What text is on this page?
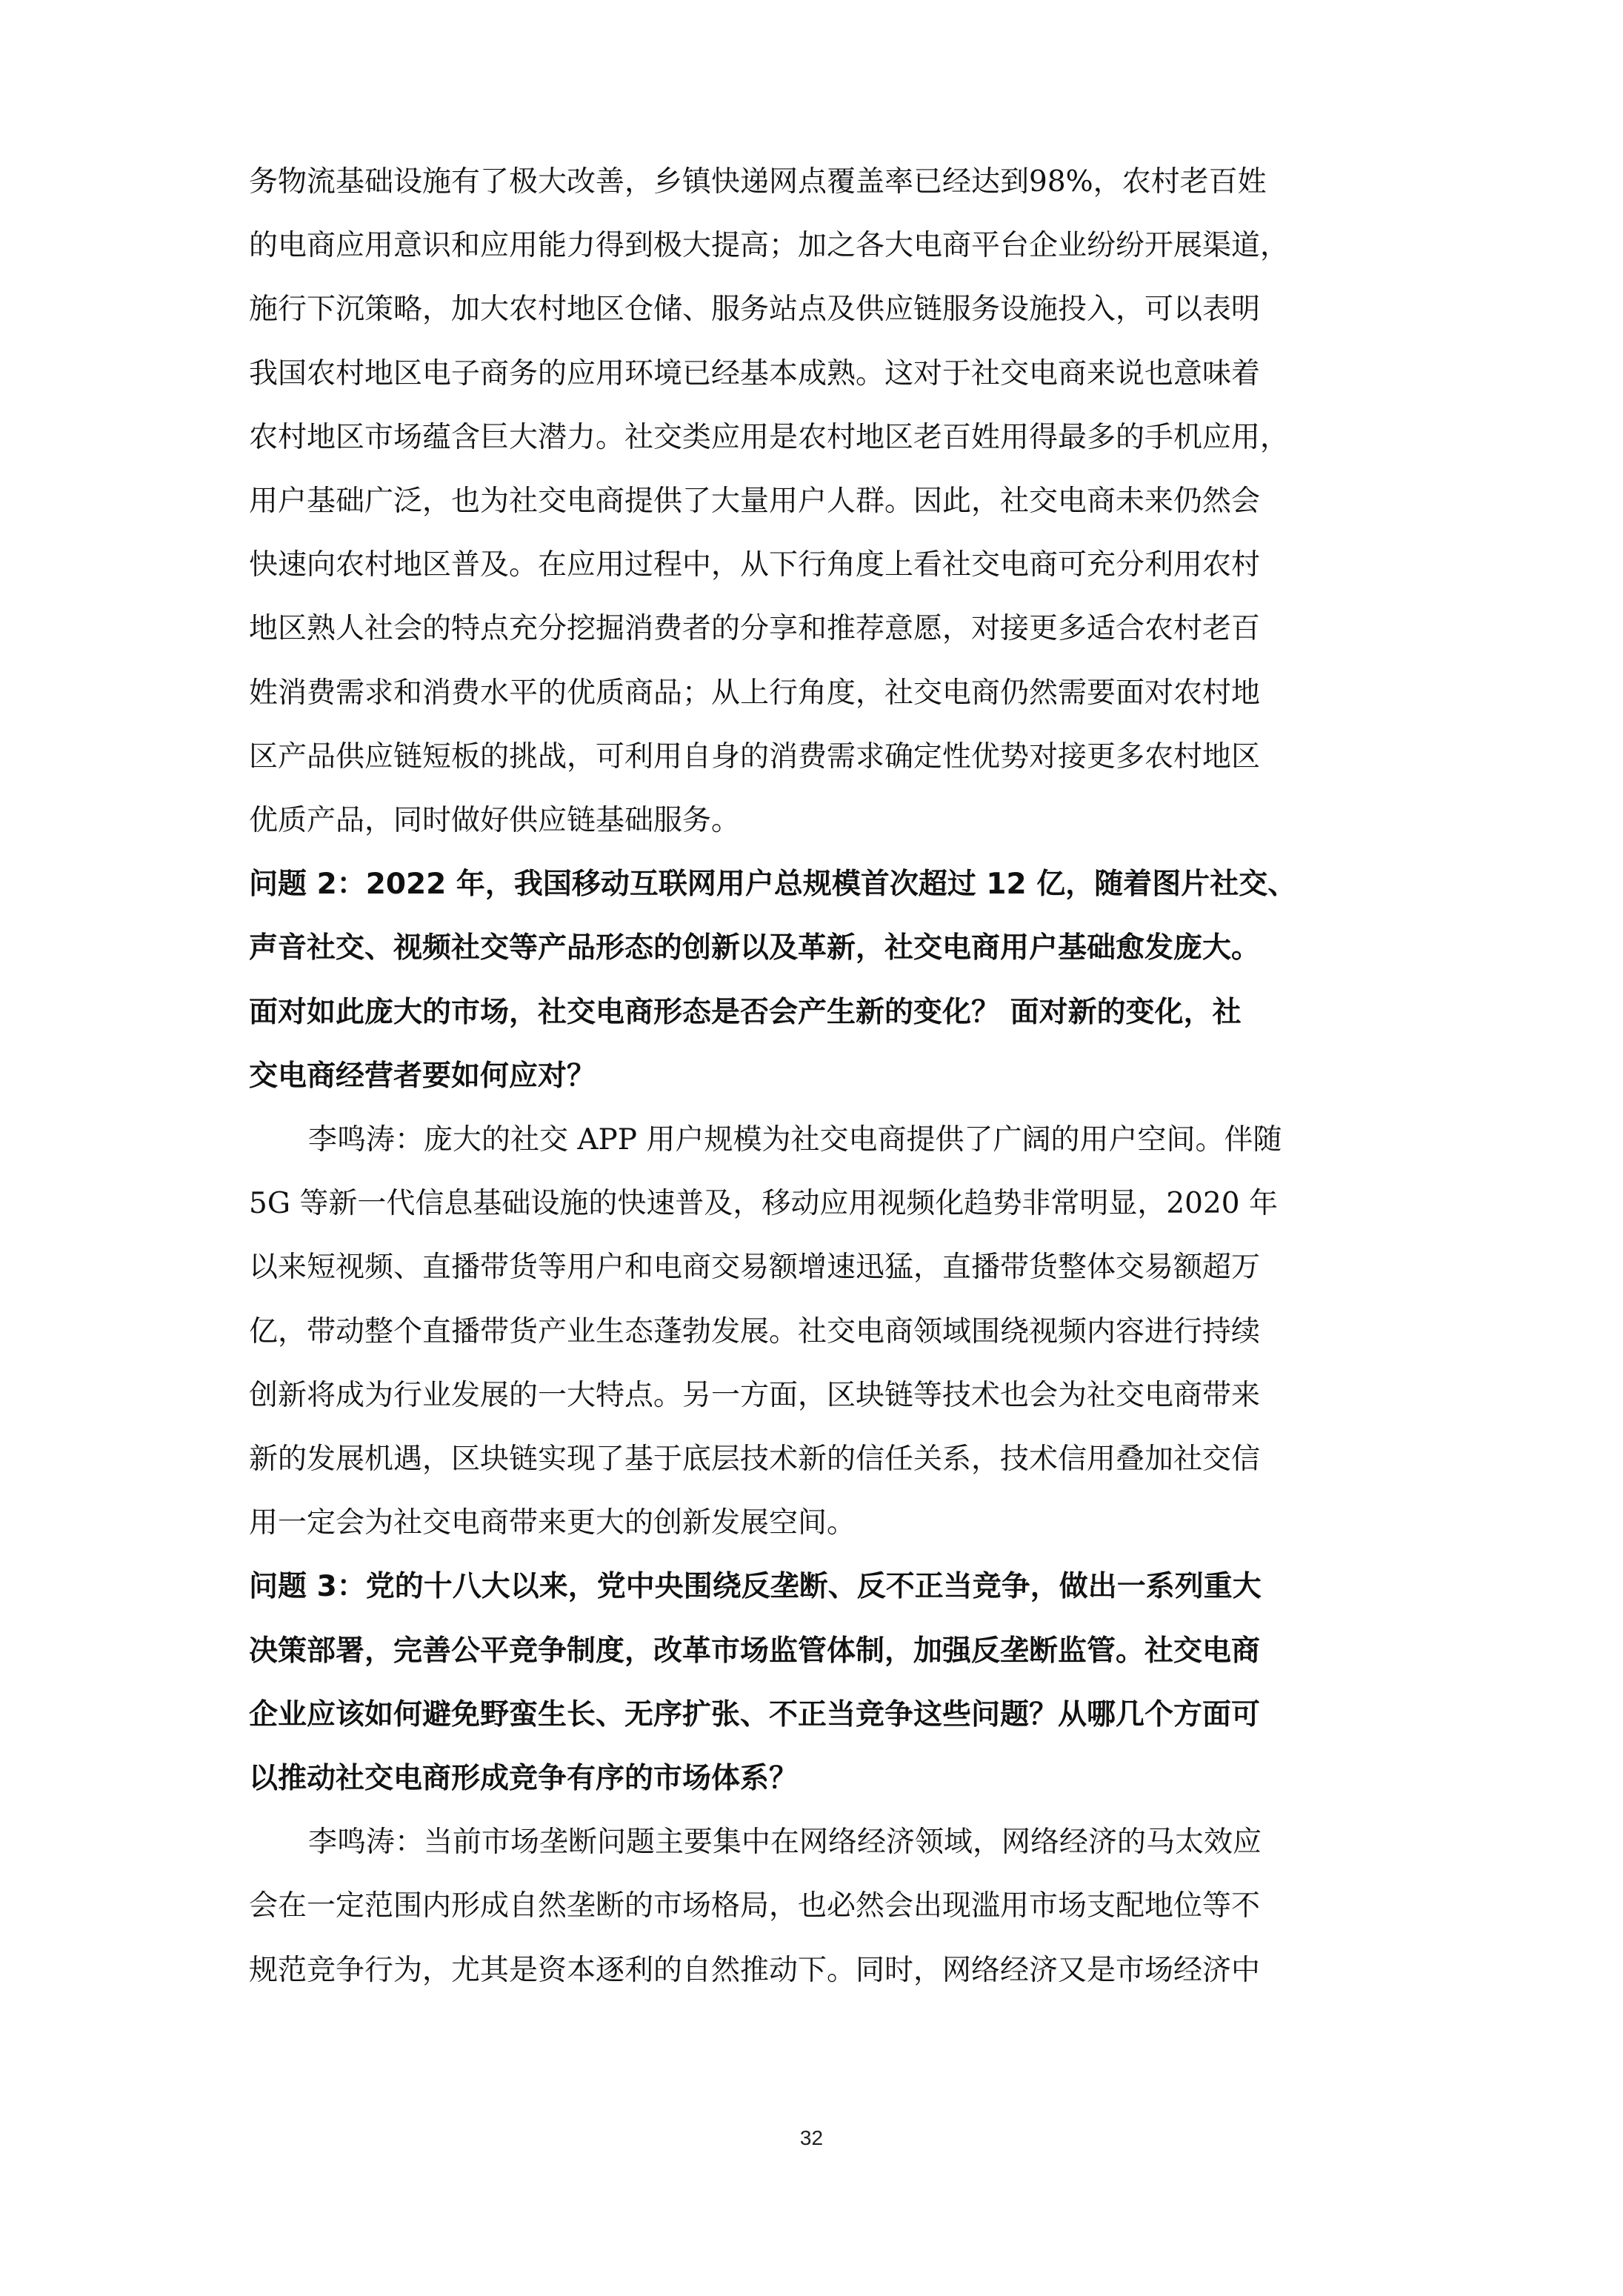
务物流基础设施有了极大改善，乡镇快递网点覆盖率已经达到98%，农村老百姓
的电商应用意识和应用能力得到极大提高；加之各大电商平台企业纷纷开展渠道，
施行下沉策略，加大农村地区仓储、服务站点及供应链服务设施投入，可以表明
我国农村地区电子商务的应用环境已经基本成熟。这对于社交电商来说也意味着
农村地区市场蕴含巨大潜力。社交类应用是农村地区老百姓用得最多的手机应用，
用户基础广泛，也为社交电商提供了大量用户人群。因此，社交电商未来仍然会
快速向农村地区普及。在应用过程中，从下行角度上看社交电商可充分利用农村
地区熟人社会的特点充分挖掘消费者的分享和推荐意愿，对接更多适合农村老百
姓消费需求和消费水平的优质商品；从上行角度，社交电商仍然需要面对农村地
区产品供应链短板的挑战，可利用自身的消费需求确定性优势对接更多农村地区
优质产品，同时做好供应链基础服务。
问题 2：2022 年，我国移动互联网用户总规模首次超过 12 亿，随着图片社交、
声音社交、视频社交等产品形态的创新以及革新，社交电商用户基础愈发庞大。
面对如此庞大的市场，社交电商形态是否会产生新的变化？ 面对新的变化，社
交电商经营者要如何应对？
李鸣涛：庞大的社交 APP 用户规模为社交电商提供了广阔的用户空间。伴随
5G 等新一代信息基础设施的快速普及，移动应用视频化趋势非常明显，2020 年
以来短视频、直播带货等用户和电商交易额增速迅猛，直播带货整体交易额超万
亿，带动整个直播带货产业生态蓬勃发展。社交电商领域围绕视频内容进行持续
创新将成为行业发展的一大特点。另一方面，区块链等技术也会为社交电商带来
新的发展机遇，区块链实现了基于底层技术新的信任关系，技术信用叠加社交信
用一定会为社交电商带来更大的创新发展空间。
问题 3：党的十八大以来，党中央围绕反垄断、反不正当竞争，做出一系列重大
决策部署，完善公平竞争制度，改革市场监管体制，加强反垄断监管。社交电商
企业应该如何避免野蛮生长、无序扩张、不正当竞争这些问题？从哪几个方面可
以推动社交电商形成竞争有序的市场体系？
李鸣涛：当前市场垄断问题主要集中在网络经济领域，网络经济的马太效应
会在一定范围内形成自然垄断的市场格局，也必然会出现滥用市场支配地位等不
规范竞争行为，尤其是资本逐利的自然推动下。同时，网络经济又是市场经济中
32
